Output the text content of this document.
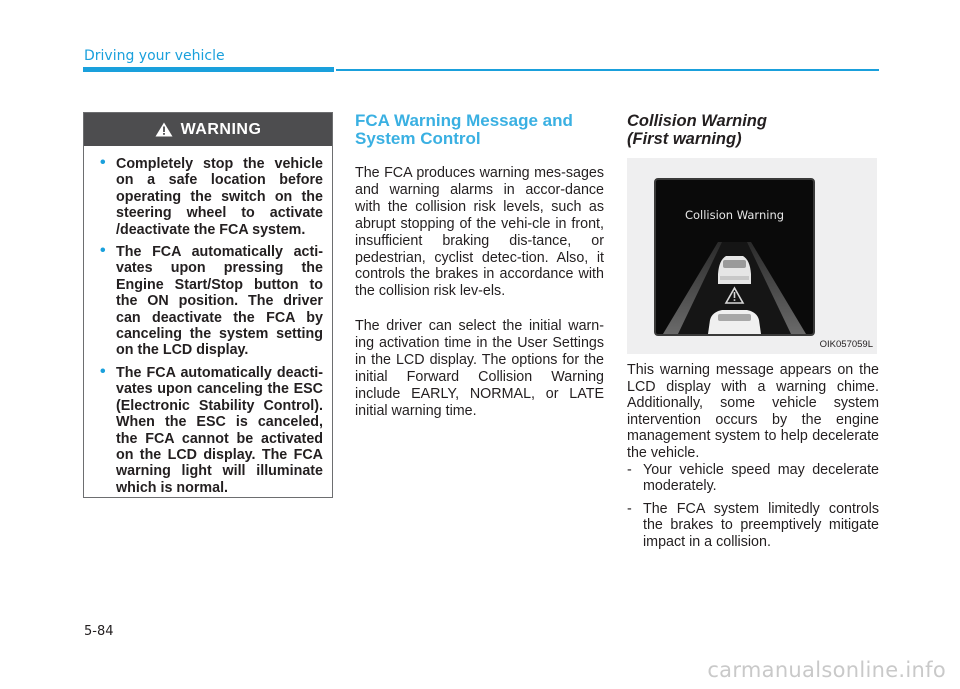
Driving your vehicle
WARNING
• Completely stop the vehicle on a safe location before operating the switch on the steering wheel to activate /deactivate the FCA system.
• The FCA automatically acti-vates upon pressing the Engine Start/Stop button to the ON position. The driver can deactivate the FCA by canceling the system setting on the LCD display.
• The FCA automatically deacti-vates upon canceling the ESC (Electronic Stability Control). When the ESC is canceled, the FCA cannot be activated on the LCD display. The FCA warning light will illuminate which is normal.
FCA Warning Message and System Control

The FCA produces warning mes-sages and warning alarms in accor-dance with the collision risk levels, such as abrupt stopping of the vehi-cle in front, insufficient braking dis-tance, or pedestrian, cyclist detec-tion. Also, it controls the brakes in accordance with the collision risk lev-els.

The driver can select the initial warn-ing activation time in the User Settings in the LCD display. The options for the initial Forward Collision Warning include EARLY, NORMAL, or LATE initial warning time.

Collision Warning
(First warning)
Collision Warning
OIK057059L

This warning message appears on the LCD display with a warning chime. Additionally, some vehicle system intervention occurs by the engine management system to help decelerate the vehicle.

- Your vehicle speed may decelerate moderately.
- The FCA system limitedly controls the brakes to preemptively mitigate impact in a collision.
5-84
carmanualsonline.info
